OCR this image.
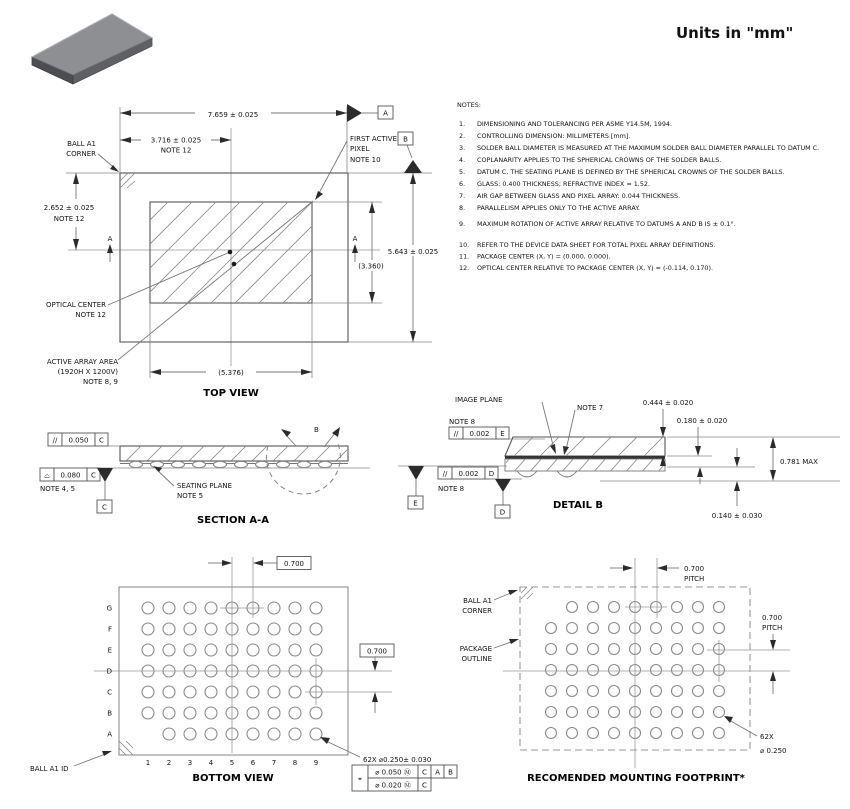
Units in "mm"
NOTES:
1. DIMENSIONING AND TOLERANCING PER ASME Y14.5M, 1994.
2. CONTROLLING DIMENSION: MILLIMETERS [mm].
3. SOLDER BALL DIAMETER IS MEASURED AT THE MAXIMUM SOLDER BALL DIAMETER PARALLEL TO DATUM C.
4. COPLANARITY APPLIES TO THE SPHERICAL CROWNS OF THE SOLDER BALLS.
5. DATUM C, THE SEATING PLANE IS DEFINED BY THE SPHERICAL CROWNS OF THE SOLDER BALLS.
6. GLASS: 0.400 THICKNESS; REFRACTIVE INDEX = 1.52.
7. AIR GAP BETWEEN GLASS AND PIXEL ARRAY: 0.044 THICKNESS.
8. PARALLELISM APPLIES ONLY TO THE ACTIVE ARRAY.
9. MAXIMUM ROTATION OF ACTIVE ARRAY RELATIVE TO DATUMS A AND B IS ± 0.1°.
10. REFER TO THE DEVICE DATA SHEET FOR TOTAL PIXEL ARRAY DEFINITIONS.
11. PACKAGE CENTER (X, Y) = (0.000, 0.000).
12. OPTICAL CENTER RELATIVE TO PACKAGE CENTER (X, Y) = (-0.114, 0.170).
7.659 ± 0.025	A
3.716 ± 0.025
NOTE 12
2.652 ± 0.025
NOTE 12
B
5.643 ± 0.025
(3.360)
(5.376)
A	A
BALL A1
CORNER
FIRST ACTIVE
PIXEL
NOTE 10
OPTICAL CENTER
NOTE 12
ACTIVE ARRAY AREA
(1920H X 1200V)
NOTE 8, 9
TOP VIEW
// 0.050 C
⌓ 0.080 C
NOTE 4, 5
C
SEATING PLANE
NOTE 5
B
SECTION A-A
E
NOTE 8
// 0.002 E
// 0.002 D
NOTE 8
D
IMAGE PLANE
NOTE 7
0.444 ± 0.020
0.180 ± 0.020
0.781 MAX
0.140 ± 0.030
DETAIL B
G
F
E
D
C
B
A
1 2 3 4 5 6 7 8 9
0.700
0.700
BALL A1 ID
62X ⌀0.250± 0.030
⌖
⌀ 0.050 Ⓜ C A B
⌀ 0.020 Ⓜ C
BOTTOM VIEW
0.700
PITCH
0.700
PITCH
BALL A1
CORNER
PACKAGE
OUTLINE
62X
⌀ 0.250
RECOMENDED MOUNTING FOOTPRINT*
